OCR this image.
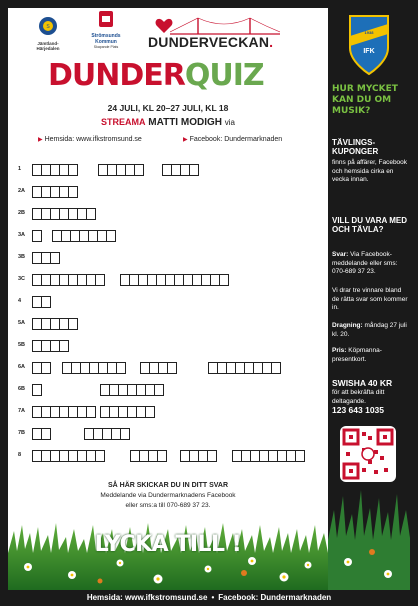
S
Jämtland-Härjedalen
Strömsunds Kommun
Skapande Plats	DUNDERVECKAN.
DUNDERQUIZ
24 JULI, KL 20–27 JULI, KL 18
STREAMA MATTI MODIGH via
▶ Hemsida: www.ifkstromsund.se	▶ Facebook: Dundermarknaden
1
2A
2B
3A
3B
3C
4
5A
5B
6A
6B
7A
7B
8
SÅ HÄR SKICKAR DU IN DITT SVAR
Meddelande via Dundermarknadens Facebook
eller sms:a till 070-689 37 23.
LYCKA TILL !
1938
IFK
HUR MYCKET KAN DU OM MUSIK?
TÄVLINGS-KUPONGER
finns på affärer, Facebook och hemsida cirka en vecka innan.
VILL DU VARA MED OCH TÄVLA?
Svar: Via Facebook-meddelande eller sms: 070-689 37 23.
Vi drar tre vinnare bland de rätta svar som kommer in.
Dragning: måndag 27 juli kl. 20.
Pris: Köpmanna-presentkort.
SWISHA 40 KR
för att bekräfta ditt deltagande.
123 643 1035
Hemsida: www.ifkstromsund.se • Facebook: Dundermarknaden
